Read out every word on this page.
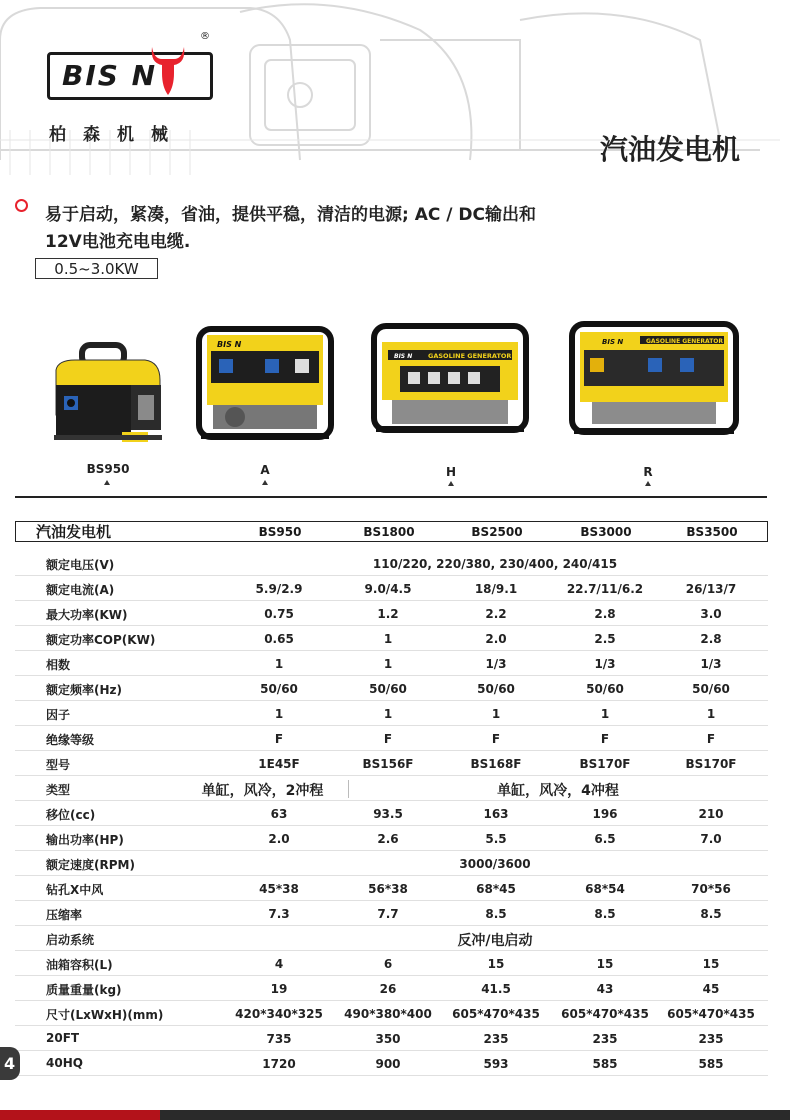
BIS N
®
柏森机械	汽油发电机
易于启动，紧凑，省油，提供平稳，清洁的电源; AC / DC输出和
12V电池充电电缆.
0.5~3.0KW
BIS N
GASOLINE GENERATOR
BIS N
GASOLINE GENERATOR
BIS N
BS950	A	H	R
汽油发电机	BS950	BS1800	BS2500	BS3000	BS3500
额定电压(V)	110/220, 220/380, 230/400, 240/415
额定电流(A)	5.9/2.9	9.0/4.5	18/9.1	22.7/11/6.2	26/13/7
最大功率(KW)	0.75	1.2	2.2	2.8	3.0
额定功率COP(KW)	0.65	1	2.0	2.5	2.8
相数	1	1	1/3	1/3	1/3
额定频率(Hz)	50/60	50/60	50/60	50/60	50/60
因子	1	1	1	1	1
绝缘等级	F	F	F	F	F
型号	1E45F	BS156F	BS168F	BS170F	BS170F
类型	单缸，风冷，2冲程	单缸，风冷，4冲程
移位(cc)	63	93.5	163	196	210
输出功率(HP)	2.0	2.6	5.5	6.5	7.0
额定速度(RPM)	3000/3600
钻孔X中风	45*38	56*38	68*45	68*54	70*56
压缩率	7.3	7.7	8.5	8.5	8.5
启动系统	反冲/电启动
油箱容积(L)	4	6	15	15	15
质量重量(kg)	19	26	41.5	43	45
尺寸(LxWxH)(mm)	420*340*325	490*380*400	605*470*435	605*470*435	605*470*435
20FT	735	350	235	235	235
40HQ	1720	900	593	585	585
4
